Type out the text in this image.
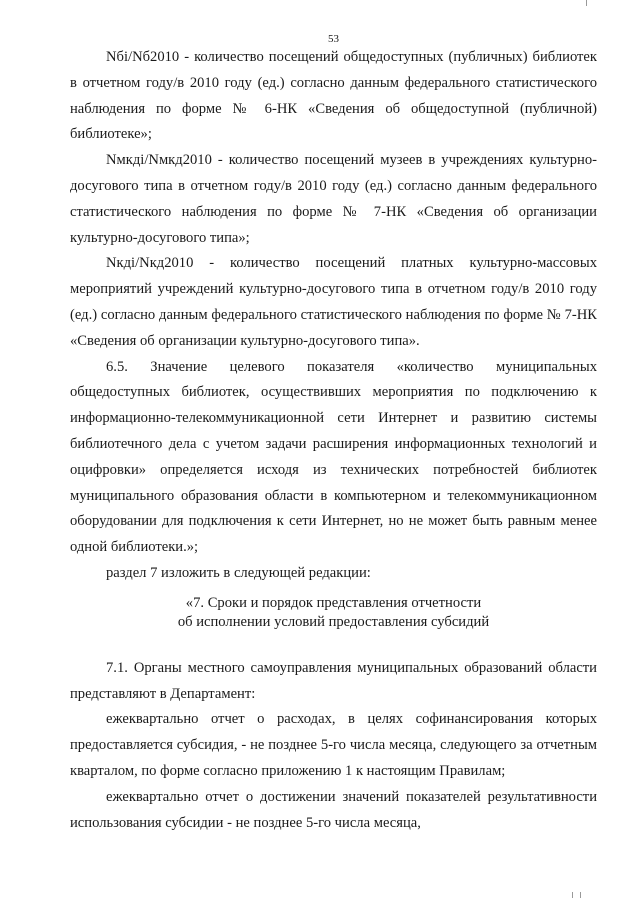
53

Nбi/Nб2010 - количество посещений общедоступных (публичных) библиотек в отчетном году/в 2010 году (ед.) согласно данным федерального статистического наблюдения по форме № 6-НК «Сведения об общедоступной (публичной) библиотеке»;

Nмкдi/Nмкд2010 - количество посещений музеев в учреждениях культурно-досугового типа в отчетном году/в 2010 году (ед.) согласно данным федерального статистического наблюдения по форме № 7-НК «Сведения об организации культурно-досугового типа»;

Nкдi/Nкд2010 - количество посещений платных культурно-массовых мероприятий учреждений культурно-досугового типа в отчетном году/в 2010 году (ед.) согласно данным федерального статистического наблюдения по форме № 7-НК «Сведения об организации культурно-досугового типа».

6.5. Значение целевого показателя «количество муниципальных общедоступных библиотек, осуществивших мероприятия по подключению к информационно-телекоммуникационной сети Интернет и развитию системы библиотечного дела с учетом задачи расширения информационных технологий и оцифровки» определяется исходя из технических потребностей библиотек муниципального образования области в компьютерном и телекоммуникационном оборудовании для подключения к сети Интернет, но не может быть равным менее одной библиотеки.»;

раздел 7 изложить в следующей редакции:

«7. Сроки и порядок представления отчетности
об исполнении условий предоставления субсидий

7.1. Органы местного самоуправления муниципальных образований области представляют в Департамент:

ежеквартально отчет о расходах, в целях софинансирования которых предоставляется субсидия, - не позднее 5-го числа месяца, следующего за отчетным кварталом, по форме согласно приложению 1 к настоящим Правилам;

ежеквартально отчет о достижении значений показателей результативности использования субсидии - не позднее 5-го числа месяца,
